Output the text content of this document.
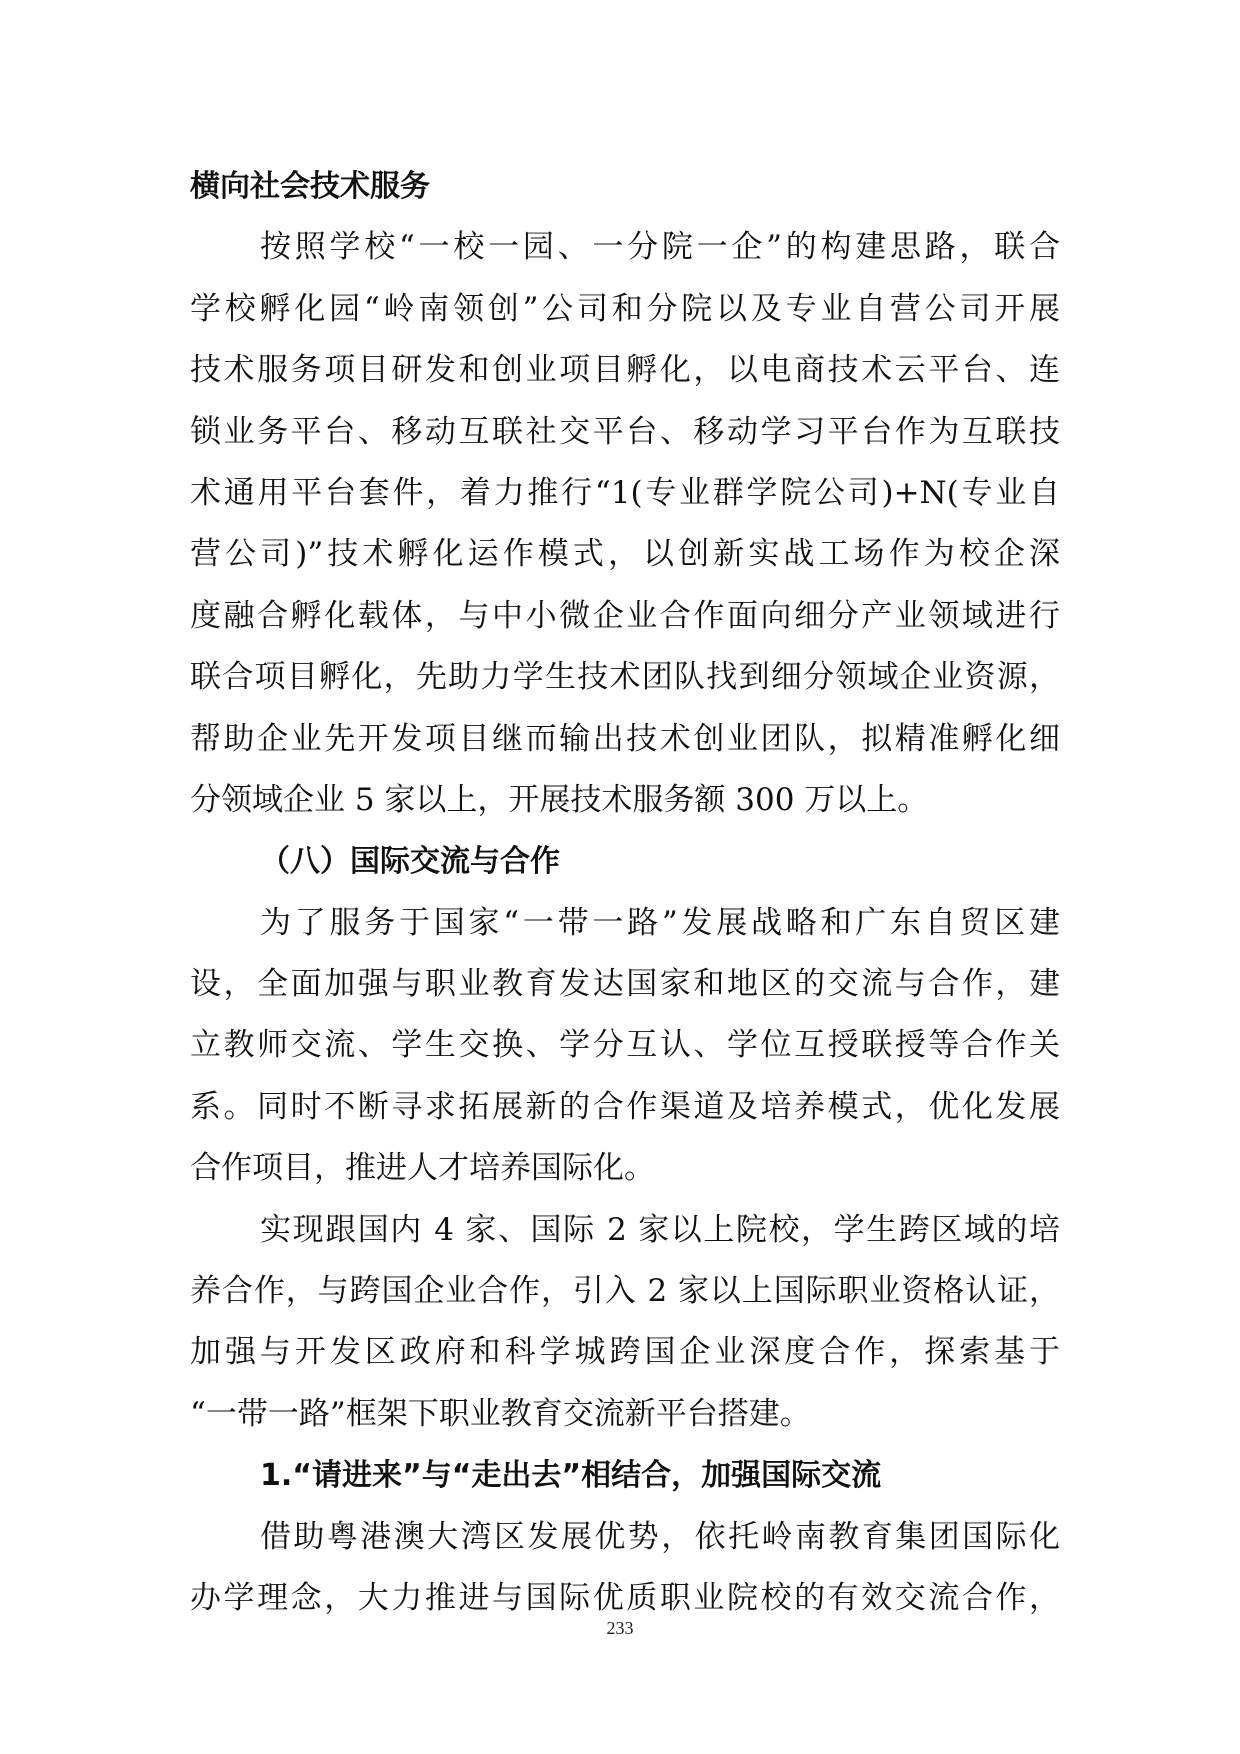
横向社会技术服务
按照学校“一校一园、一分院一企”的构建思路，联合
学校孵化园“岭南领创”公司和分院以及专业自营公司开展
技术服务项目研发和创业项目孵化，以电商技术云平台、连
锁业务平台、移动互联社交平台、移动学习平台作为互联技
术通用平台套件，着力推行“1(专业群学院公司)+N(专业自
营公司)”技术孵化运作模式，以创新实战工场作为校企深
度融合孵化载体，与中小微企业合作面向细分产业领域进行
联合项目孵化，先助力学生技术团队找到细分领域企业资源，
帮助企业先开发项目继而输出技术创业团队，拟精准孵化细
分领域企业 5 家以上，开展技术服务额 300 万以上。
（八）国际交流与合作
为了服务于国家“一带一路”发展战略和广东自贸区建
设，全面加强与职业教育发达国家和地区的交流与合作，建
立教师交流、学生交换、学分互认、学位互授联授等合作关
系。同时不断寻求拓展新的合作渠道及培养模式，优化发展
合作项目，推进人才培养国际化。
实现跟国内 4 家、国际 2 家以上院校，学生跨区域的培
养合作，与跨国企业合作，引入 2 家以上国际职业资格认证，
加强与开发区政府和科学城跨国企业深度合作，探索基于
“一带一路”框架下职业教育交流新平台搭建。
1.“请进来”与“走出去”相结合，加强国际交流
借助粤港澳大湾区发展优势，依托岭南教育集团国际化
办学理念，大力推进与国际优质职业院校的有效交流合作，
233
